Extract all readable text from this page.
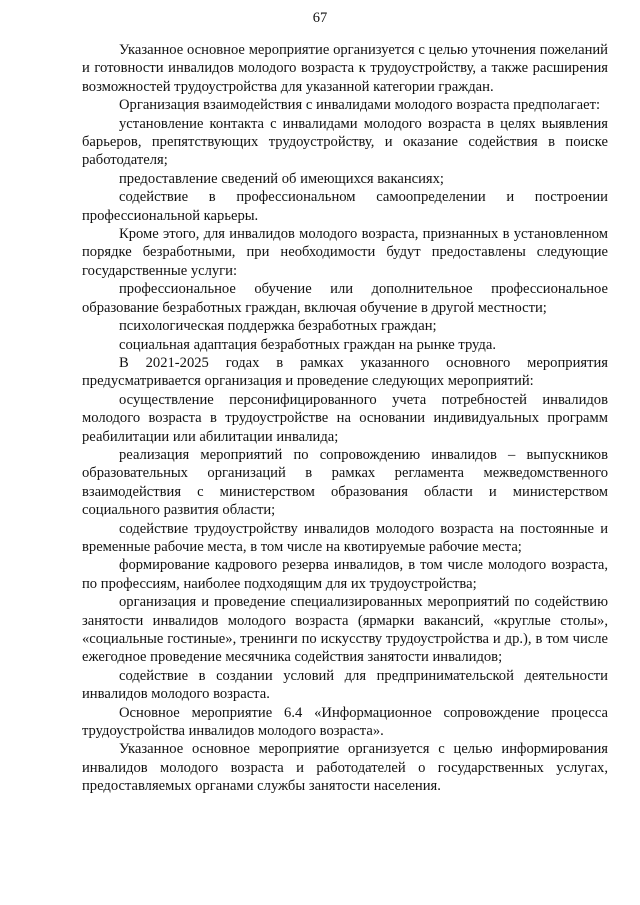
67

Указанное основное мероприятие организуется с целью уточнения пожеланий и готовности инвалидов молодого возраста к трудоустройству, а также расширения возможностей трудоустройства для указанной категории граждан.

Организация взаимодействия с инвалидами молодого возраста предполагает:

установление контакта с инвалидами молодого возраста в целях выявления барьеров, препятствующих трудоустройству, и оказание содействия в поиске работодателя;

предоставление сведений об имеющихся вакансиях;

содействие в профессиональном самоопределении и построении профессиональной карьеры.

Кроме этого, для инвалидов молодого возраста, признанных в установленном порядке безработными, при необходимости будут предоставлены следующие государственные услуги:

профессиональное обучение или дополнительное профессиональное образование безработных граждан, включая обучение в другой местности;

психологическая поддержка безработных граждан;

социальная адаптация безработных граждан на рынке труда.

В 2021-2025 годах в рамках указанного основного мероприятия предусматривается организация и проведение следующих мероприятий:

осуществление персонифицированного учета потребностей инвалидов молодого возраста в трудоустройстве на основании индивидуальных программ реабилитации или абилитации инвалида;

реализация мероприятий по сопровождению инвалидов – выпускников образовательных организаций в рамках регламента межведомственного взаимодействия с министерством образования области и министерством социального развития области;

содействие трудоустройству инвалидов молодого возраста на постоянные и временные рабочие места, в том числе на квотируемые рабочие места;

формирование кадрового резерва инвалидов, в том числе молодого возраста, по профессиям, наиболее подходящим для их трудоустройства;

организация и проведение специализированных мероприятий по содействию занятости инвалидов молодого возраста (ярмарки вакансий, «круглые столы», «социальные гостиные», тренинги по искусству трудоустройства и др.), в том числе ежегодное проведение месячника содействия занятости инвалидов;

содействие в создании условий для предпринимательской деятельности инвалидов молодого возраста.

Основное мероприятие 6.4 «Информационное сопровождение процесса трудоустройства инвалидов молодого возраста».

Указанное основное мероприятие организуется с целью информирования инвалидов молодого возраста и работодателей о государственных услугах, предоставляемых органами службы занятости населения.
